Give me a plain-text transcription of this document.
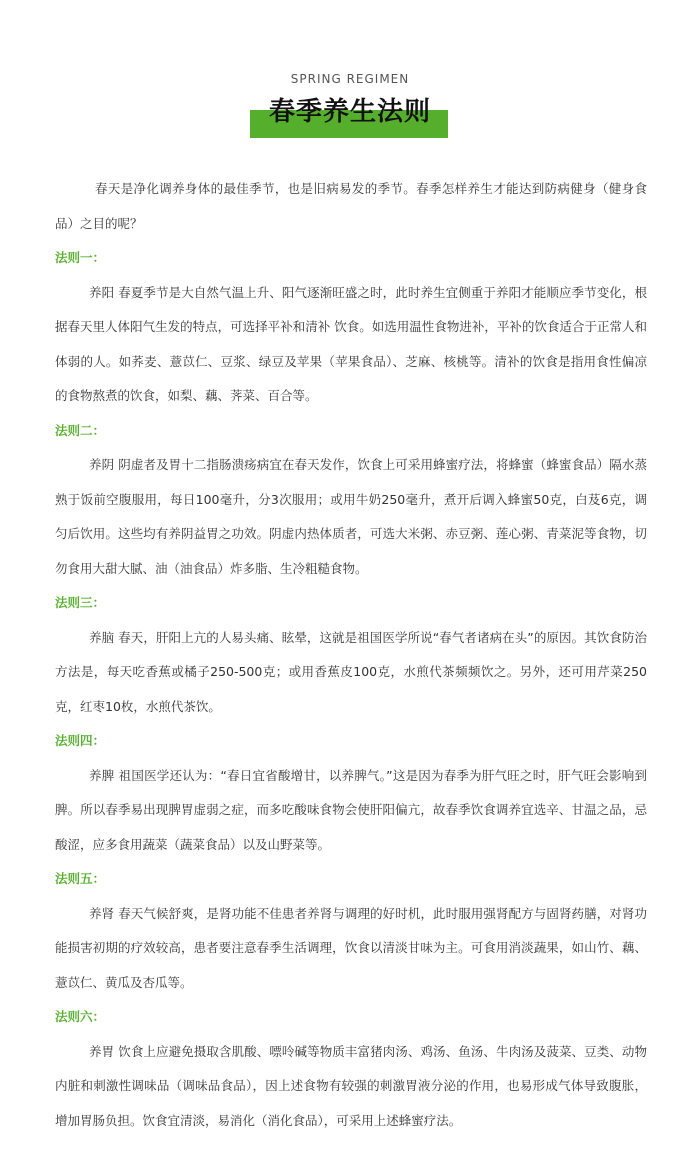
SPRING REGIMEN
春季养生法则

春天是净化调养身体的最佳季节，也是旧病易发的季节。春季怎样养生才能达到防病健身（健身食品）之目的呢？

法则一：

养阳 春夏季节是大自然气温上升、阳气逐渐旺盛之时，此时养生宜侧重于养阳才能顺应季节变化，根据春天里人体阳气生发的特点，可选择平补和清补 饮食。如选用温性食物进补，平补的饮食适合于正常人和体弱的人。如荞麦、薏苡仁、豆浆、绿豆及苹果（苹果食品）、芝麻、核桃等。清补的饮食是指用食性偏凉的食物熬煮的饮食，如梨、藕、荠菜、百合等。

法则二：

养阴 阴虚者及胃十二指肠溃疡病宜在春天发作，饮食上可采用蜂蜜疗法，将蜂蜜（蜂蜜食品）隔水蒸熟于饭前空腹服用，每日100毫升，分3次服用；或用牛奶250毫升，煮开后调入蜂蜜50克，白芨6克，调匀后饮用。这些均有养阴益胃之功效。阴虚内热体质者，可选大米粥、赤豆粥、莲心粥、青菜泥等食物，切勿食用大甜大腻、油（油食品）炸多脂、生冷粗糙食物。

法则三：

养脑 春天，肝阳上亢的人易头痛、眩晕，这就是祖国医学所说“春气者诸病在头”的原因。其饮食防治方法是，每天吃香蕉或橘子250-500克；或用香蕉皮100克，水煎代茶频频饮之。另外，还可用芹菜250克，红枣10枚，水煎代茶饮。

法则四：

养脾 祖国医学还认为：“春日宜省酸增甘，以养脾气。”这是因为春季为肝气旺之时，肝气旺会影响到脾。所以春季易出现脾胃虚弱之症，而多吃酸味食物会使肝阳偏亢，故春季饮食调养宜选辛、甘温之品，忌酸涩，应多食用蔬菜（蔬菜食品）以及山野菜等。

法则五：

养肾 春天气候舒爽，是肾功能不佳患者养肾与调理的好时机，此时服用强肾配方与固肾药膳，对肾功能损害初期的疗效较高，患者要注意春季生活调理，饮食以清淡甘味为主。可食用消淡蔬果，如山竹、藕、薏苡仁、黄瓜及杏瓜等。

法则六：

养胃 饮食上应避免摄取含肌酸、嘌呤碱等物质丰富猪肉汤、鸡汤、鱼汤、牛肉汤及菠菜、豆类、动物内脏和刺激性调味品（调味品食品），因上述食物有较强的刺激胃液分泌的作用，也易形成气体导致腹胀，增加胃肠负担。饮食宜清淡，易消化（消化食品），可采用上述蜂蜜疗法。
